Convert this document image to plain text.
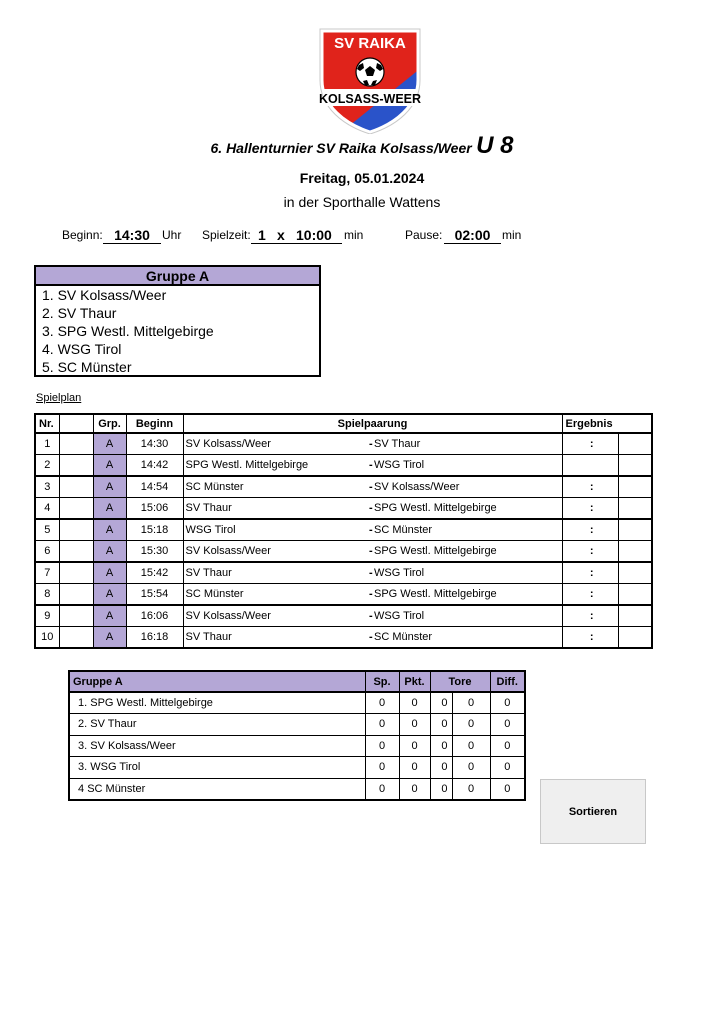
SV RAIKA
KOLSASS-WEER
6. Hallenturnier SV Raika Kolsass/Weer U 8
Freitag, 05.01.2024
in der Sporthalle Wattens
Beginn: 14:30	Uhr Spielzeit: 1 x 10:00 min	Pause: 02:00 min
Gruppe A
1. SV Kolsass/Weer
2. SV Thaur
3. SPG Westl. Mittelgebirge
4. WSG Tirol
5. SC Münster
Spielplan
Nr.		Grp.	Beginn	Spielpaarung			Ergebnis	
1		A	14:30	SV Kolsass/Weer	-	SV Thaur	:	
2		A	14:42	SPG Westl. Mittelgebirge	-	WSG Tirol		
3		A	14:54	SC Münster	-	SV Kolsass/Weer	:	
4		A	15:06	SV Thaur	-	SPG Westl. Mittelgebirge	:	
5		A	15:18	WSG Tirol	-	SC Münster	:	
6		A	15:30	SV Kolsass/Weer	-	SPG Westl. Mittelgebirge	:	
7		A	15:42	SV Thaur	-	WSG Tirol	:	
8		A	15:54	SC Münster	-	SPG Westl. Mittelgebirge	:	
9		A	16:06	SV Kolsass/Weer	-	WSG Tirol	:	
10		A	16:18	SV Thaur	-	SC Münster	:	
Gruppe A	Sp.	Pkt.	Tore		Diff.
1. SPG Westl. Mittelgebirge	0	0	0	0	0
2. SV Thaur	0	0	0	0	0
3. SV Kolsass/Weer	0	0	0	0	0
3. WSG Tirol	0	0	0	0	0
4 SC Münster	0	0	0	0	0
Sortieren
